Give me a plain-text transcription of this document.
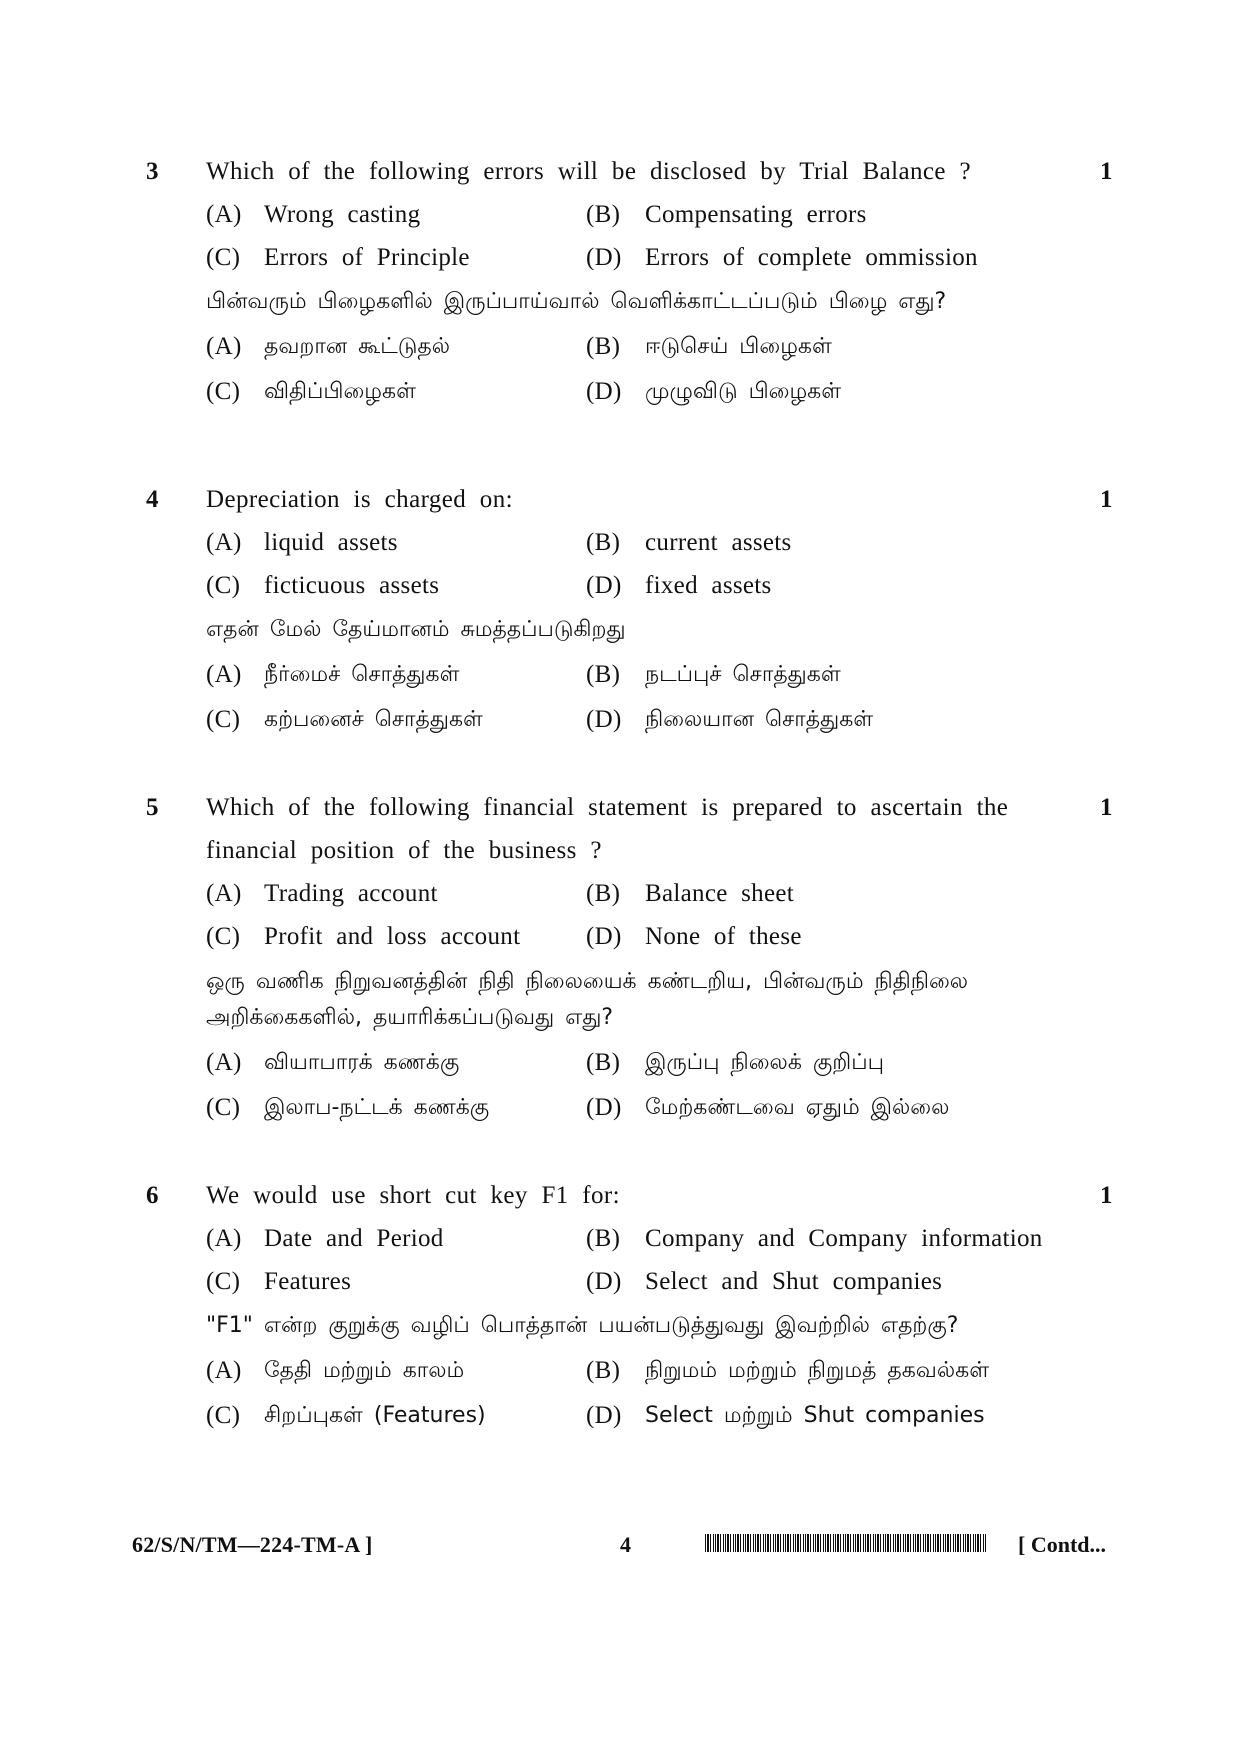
3 Which of the following errors will be disclosed by Trial Balance ?	1
(A) Wrong casting	(B) Compensating errors
(C) Errors of Principle	(D) Errors of complete ommission
பின்வரும் பிழைகளில் இருப்பாய்வால் வெளிக்காட்டப்படும் பிழை எது?
(A) தவறான கூட்டுதல்	(B) ஈடுசெய் பிழைகள்
(C) விதிப்பிழைகள்	(D) முழுவிடு பிழைகள்
4 Depreciation is charged on:	1
(A) liquid assets	(B) current assets
(C) ficticuous assets	(D) fixed assets
எதன் மேல் தேய்மானம் சுமத்தப்படுகிறது
(A) நீர்மைச் சொத்துகள்	(B) நடப்புச் சொத்துகள்
(C) கற்பனைச் சொத்துகள்	(D) நிலையான சொத்துகள்
5 Which of the following financial statement is prepared to ascertain the	1
financial position of the business ?
(A) Trading account	(B) Balance sheet
(C) Profit and loss account	(D) None of these
ஒரு வணிக நிறுவனத்தின் நிதி நிலையைக் கண்டறிய, பின்வரும் நிதிநிலை
அறிக்கைகளில், தயாரிக்கப்படுவது எது?
(A) வியாபாரக் கணக்கு	(B) இருப்பு நிலைக் குறிப்பு
(C) இலாப-நட்டக் கணக்கு	(D) மேற்கண்டவை ஏதும் இல்லை
6 We would use short cut key F1 for:	1
(A) Date and Period	(B) Company and Company information
(C) Features	(D) Select and Shut companies
"F1" என்ற குறுக்கு வழிப் பொத்தான் பயன்படுத்துவது இவற்றில் எதற்கு?
(A) தேதி மற்றும் காலம்	(B) நிறுமம் மற்றும் நிறுமத் தகவல்கள்
(C) சிறப்புகள் (Features)	(D) Select மற்றும் Shut companies
62/S/N/TM—224-TM-A ]	4	[ Contd...
